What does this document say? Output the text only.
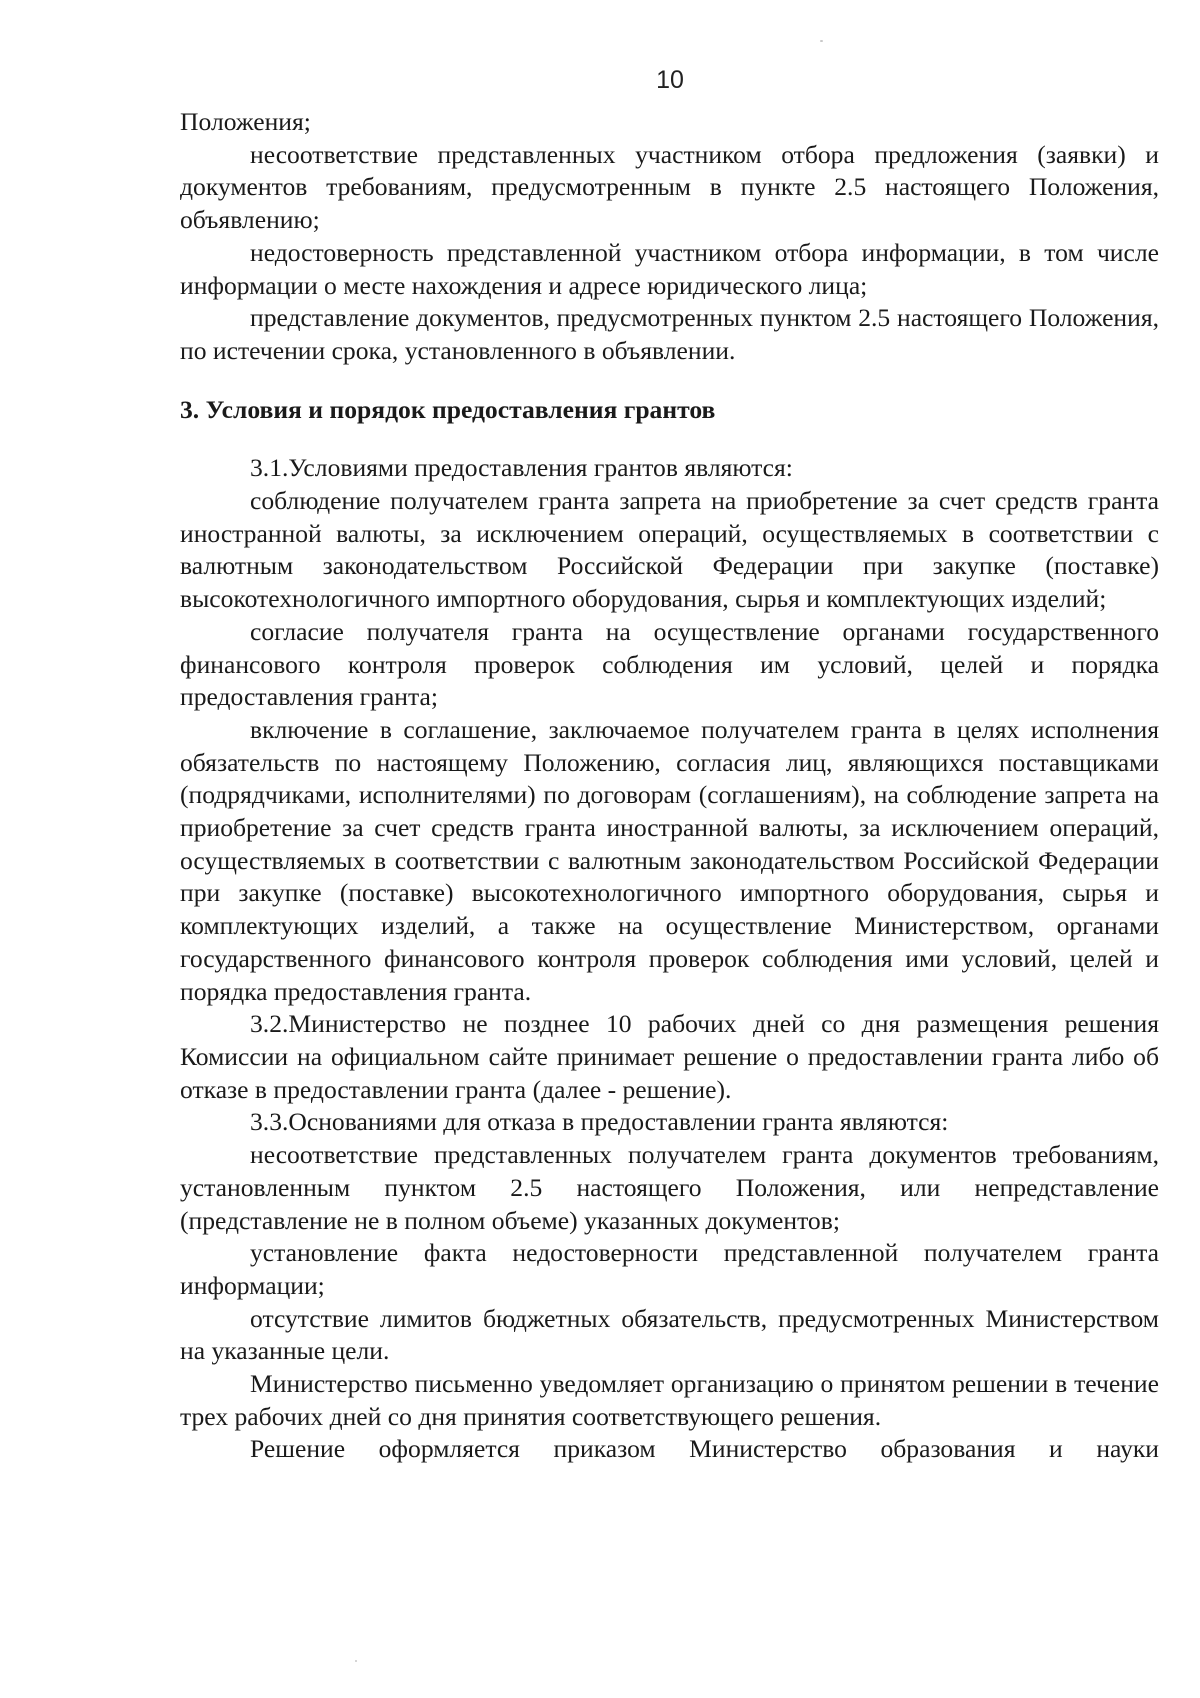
10

Положения;

несоответствие представленных участником отбора предложения (заявки) и документов требованиям, предусмотренным в пункте 2.5 настоящего Положения, объявлению;

недостоверность представленной участником отбора информации, в том числе информации о месте нахождения и адресе юридического лица;

представление документов, предусмотренных пунктом 2.5 настоящего Положения, по истечении срока, установленного в объявлении.

3. Условия и порядок предоставления грантов

3.1.Условиями предоставления грантов являются:

соблюдение получателем гранта запрета на приобретение за счет средств гранта иностранной валюты, за исключением операций, осуществляемых в соответствии с валютным законодательством Российской Федерации при закупке (поставке) высокотехнологичного импортного оборудования, сырья и комплектующих изделий;

согласие получателя гранта на осуществление органами государственного финансового контроля проверок соблюдения им условий, целей и порядка предоставления гранта;

включение в соглашение, заключаемое получателем гранта в целях исполнения обязательств по настоящему Положению, согласия лиц, являющихся поставщиками (подрядчиками, исполнителями) по договорам (соглашениям), на соблюдение запрета на приобретение за счет средств гранта иностранной валюты, за исключением операций, осуществляемых в соответствии с валютным законодательством Российской Федерации при закупке (поставке) высокотехнологичного импортного оборудования, сырья и комплектующих изделий, а также на осуществление Министерством, органами государственного финансового контроля проверок соблюдения ими условий, целей и порядка предоставления гранта.

3.2.Министерство не позднее 10 рабочих дней со дня размещения решения Комиссии на официальном сайте принимает решение о предоставлении гранта либо об отказе в предоставлении гранта (далее - решение).

3.3.Основаниями для отказа в предоставлении гранта являются:

несоответствие представленных получателем гранта документов требованиям, установленным пунктом 2.5 настоящего Положения, или непредставление (представление не в полном объеме) указанных документов;

установление факта недостоверности представленной получателем гранта информации;

отсутствие лимитов бюджетных обязательств, предусмотренных Министерством на указанные цели.

Министерство письменно уведомляет организацию о принятом решении в течение трех рабочих дней со дня принятия соответствующего решения.

Решение оформляется приказом Министерство образования и науки
